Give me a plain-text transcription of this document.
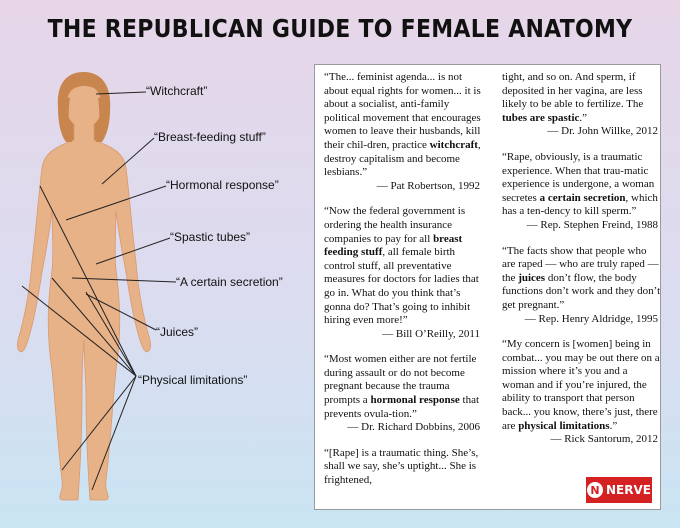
THE REPUBLICAN GUIDE TO FEMALE ANATOMY
“Witchcraft”
“Breast-feeding stuff”
“Hormonal response”
“Spastic tubes”
“A certain secretion”
“Juices”
“Physical limitations”

“The... feminist agenda... is not about equal rights for women... it is about a socialist, anti-family political movement that encourages women to leave their husbands, kill their chil-dren, practice witchcraft, destroy capitalism and become lesbians.”

— Pat Robertson, 1992

“Now the federal government is ordering the health insurance companies to pay for all breast feeding stuff, all female birth control stuff, all preventative measures for doctors for ladies that go in. What do you think that’s gonna do? That’s going to inhibit hiring even more!”

— Bill O’Reilly, 2011

“Most women either are not fertile during assault or do not become pregnant because the trauma prompts a hormonal response that prevents ovula-tion.”

— Dr. Richard Dobbins, 2006

“[Rape] is a traumatic thing. She’s, shall we say, she’s uptight... She is frightened,

tight, and so on. And sperm, if deposited in her vagina, are less likely to be able to fertilize. The tubes are spastic.”

— Dr. John Willke, 2012

“Rape, obviously, is a traumatic experience. When that trau-matic experience is undergone, a woman secretes a certain secretion, which has a ten-dency to kill sperm.”

— Rep. Stephen Freind, 1988

“The facts show that people who are raped — who are truly raped — the juices don’t flow, the body functions don’t work and they don’t get pregnant.”

— Rep. Henry Aldridge, 1995

“My concern is [women] being in combat... you may be out there on a mission where it’s you and a woman and if you’re injured, the ability to transport that person back... you know, there’s just, there are physical limitations.”

— Rick Santorum, 2012

N NERVE
